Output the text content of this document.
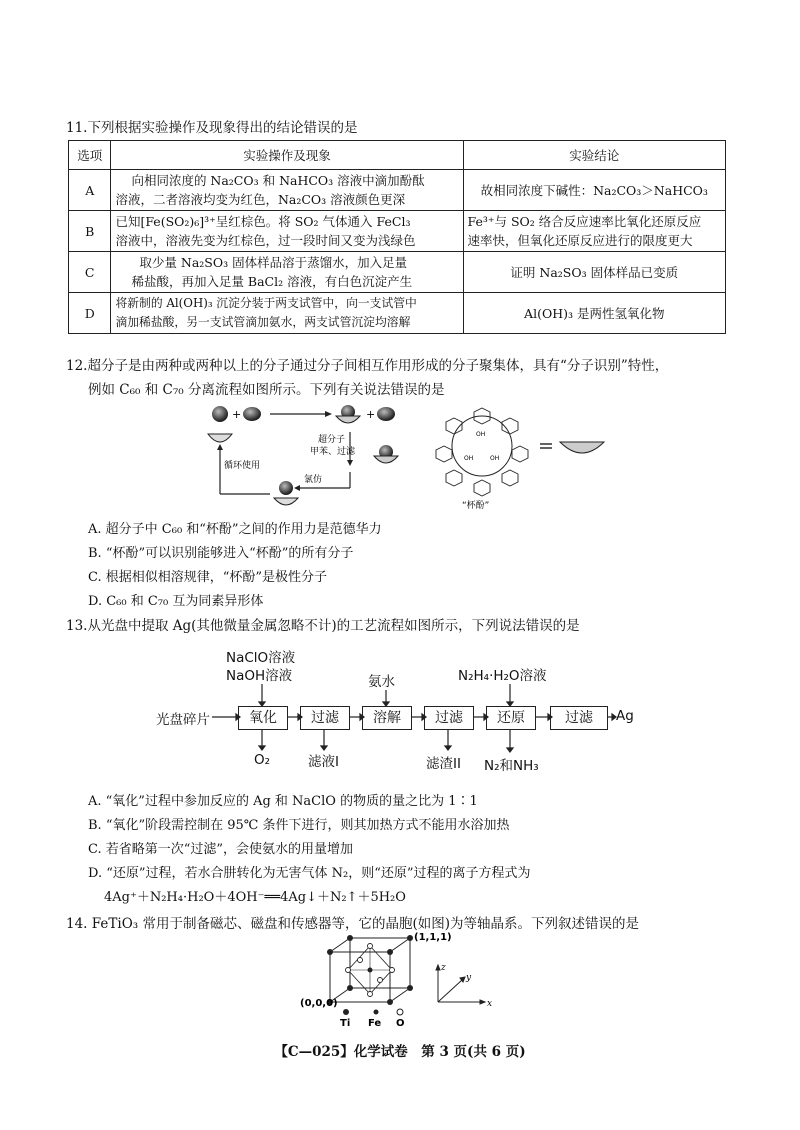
11.下列根据实验操作及现象得出的结论错误的是
选项	实验操作及现象	实验结论
A	向相同浓度的 Na₂CO₃ 和 NaHCO₃ 溶液中滴加酚酞
溶液，二者溶液均变为红色，Na₂CO₃ 溶液颜色更深	故相同浓度下碱性：Na₂CO₃＞NaHCO₃

B	已知[Fe(SO₂)₆]³⁺呈红棕色。将 SO₂ 气体通入 FeCl₃
溶液中，溶液先变为红棕色，过一段时间又变为浅绿色	Fe³⁺与 SO₂ 络合反应速率比氧化还原反应
速率快，但氧化还原反应进行的限度更大

C	取少量 Na₂SO₃ 固体样品溶于蒸馏水，加入足量
稀盐酸，再加入足量 BaCl₂ 溶液，有白色沉淀产生	证明 Na₂SO₃ 固体样品已变质

D	将新制的 Al(OH)₃ 沉淀分装于两支试管中，向一支试管中
滴加稀盐酸，另一支试管滴加氨水，两支试管沉淀均溶解	Al(OH)₃ 是两性氢氧化物
12.超分子是由两种或两种以上的分子通过分子间相互作用形成的分子聚集体，具有“分子识别”特性，
例如 C₆₀ 和 C₇₀ 分离流程如图所示。下列有关说法错误的是
+	+
超分子
甲苯、过滤
氯仿
循环使用
OH
OH	OH
“杯酚”
A. 超分子中 C₆₀ 和“杯酚”之间的作用力是范德华力
B. “杯酚”可以识别能够进入“杯酚”的所有分子
C. 根据相似相溶规律，“杯酚”是极性分子
D. C₆₀ 和 C₇₀ 互为同素异形体
13.从光盘中提取 Ag(其他微量金属忽略不计)的工艺流程如图所示，下列说法错误的是
NaClO溶液
NaOH溶液	氨水	N₂H₄·H₂O溶液
光盘碎片	氧化	过滤	溶解	过滤	还原	过滤	Ag
O₂	滤液I	滤渣II N₂和NH₃
A. “氧化”过程中参加反应的 Ag 和 NaClO 的物质的量之比为 1∶1
B. “氧化”阶段需控制在 95℃ 条件下进行，则其加热方式不能用水浴加热
C. 若省略第一次“过滤”，会使氨水的用量增加
D. “还原”过程，若水合肼转化为无害气体 N₂，则“还原”过程的离子方程式为
4Ag⁺＋N₂H₄·H₂O＋4OH⁻══4Ag↓＋N₂↑＋5H₂O
14. FeTiO₃ 常用于制备磁芯、磁盘和传感器等，它的晶胞(如图)为等轴晶系。下列叙述错误的是
(1,1,1)
(0,0,0)	x
y
z
Ti Fe O
【C—025】化学试卷　第 3 页(共 6 页)
